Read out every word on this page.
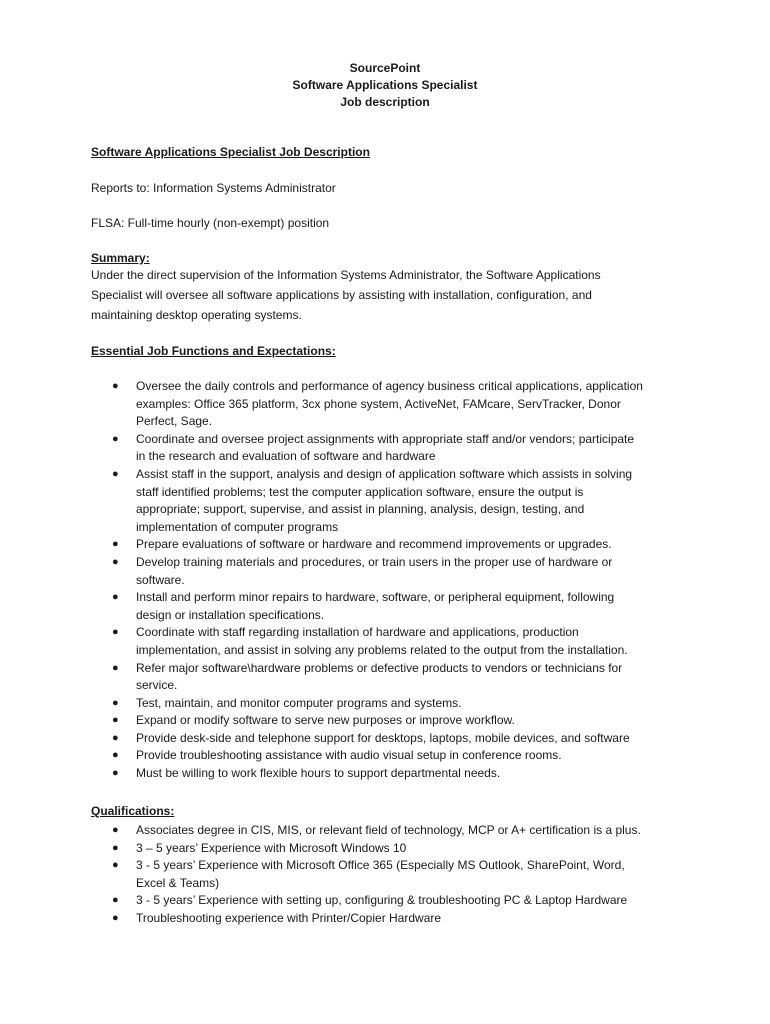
SourcePoint
Software Applications Specialist
Job description
Software Applications Specialist Job Description
Reports to: Information Systems Administrator
FLSA: Full-time hourly (non-exempt) position
Summary:
Under the direct supervision of the Information Systems Administrator, the Software Applications
Specialist will oversee all software applications by assisting with installation, configuration, and
maintaining desktop operating systems.
Essential Job Functions and Expectations:
● Oversee the daily controls and performance of agency business critical applications, application
examples: Office 365 platform, 3cx phone system, ActiveNet, FAMcare, ServTracker, Donor
Perfect, Sage.
● Coordinate and oversee project assignments with appropriate staff and/or vendors; participate
in the research and evaluation of software and hardware
● Assist staff in the support, analysis and design of application software which assists in solving
staff identified problems; test the computer application software, ensure the output is
appropriate; support, supervise, and assist in planning, analysis, design, testing, and
implementation of computer programs
● Prepare evaluations of software or hardware and recommend improvements or upgrades.
● Develop training materials and procedures, or train users in the proper use of hardware or
software.
● Install and perform minor repairs to hardware, software, or peripheral equipment, following
design or installation specifications.
● Coordinate with staff regarding installation of hardware and applications, production
implementation, and assist in solving any problems related to the output from the installation.
● Refer major software\hardware problems or defective products to vendors or technicians for
service.
● Test, maintain, and monitor computer programs and systems.
● Expand or modify software to serve new purposes or improve workflow.
● Provide desk-side and telephone support for desktops, laptops, mobile devices, and software
● Provide troubleshooting assistance with audio visual setup in conference rooms.
● Must be willing to work flexible hours to support departmental needs.
Qualifications:
● Associates degree in CIS, MIS, or relevant field of technology, MCP or A+ certification is a plus.
● 3 – 5 years’ Experience with Microsoft Windows 10
● 3 - 5 years’ Experience with Microsoft Office 365 (Especially MS Outlook, SharePoint, Word,
Excel & Teams)
● 3 - 5 years’ Experience with setting up, configuring & troubleshooting PC & Laptop Hardware
● Troubleshooting experience with Printer/Copier Hardware
